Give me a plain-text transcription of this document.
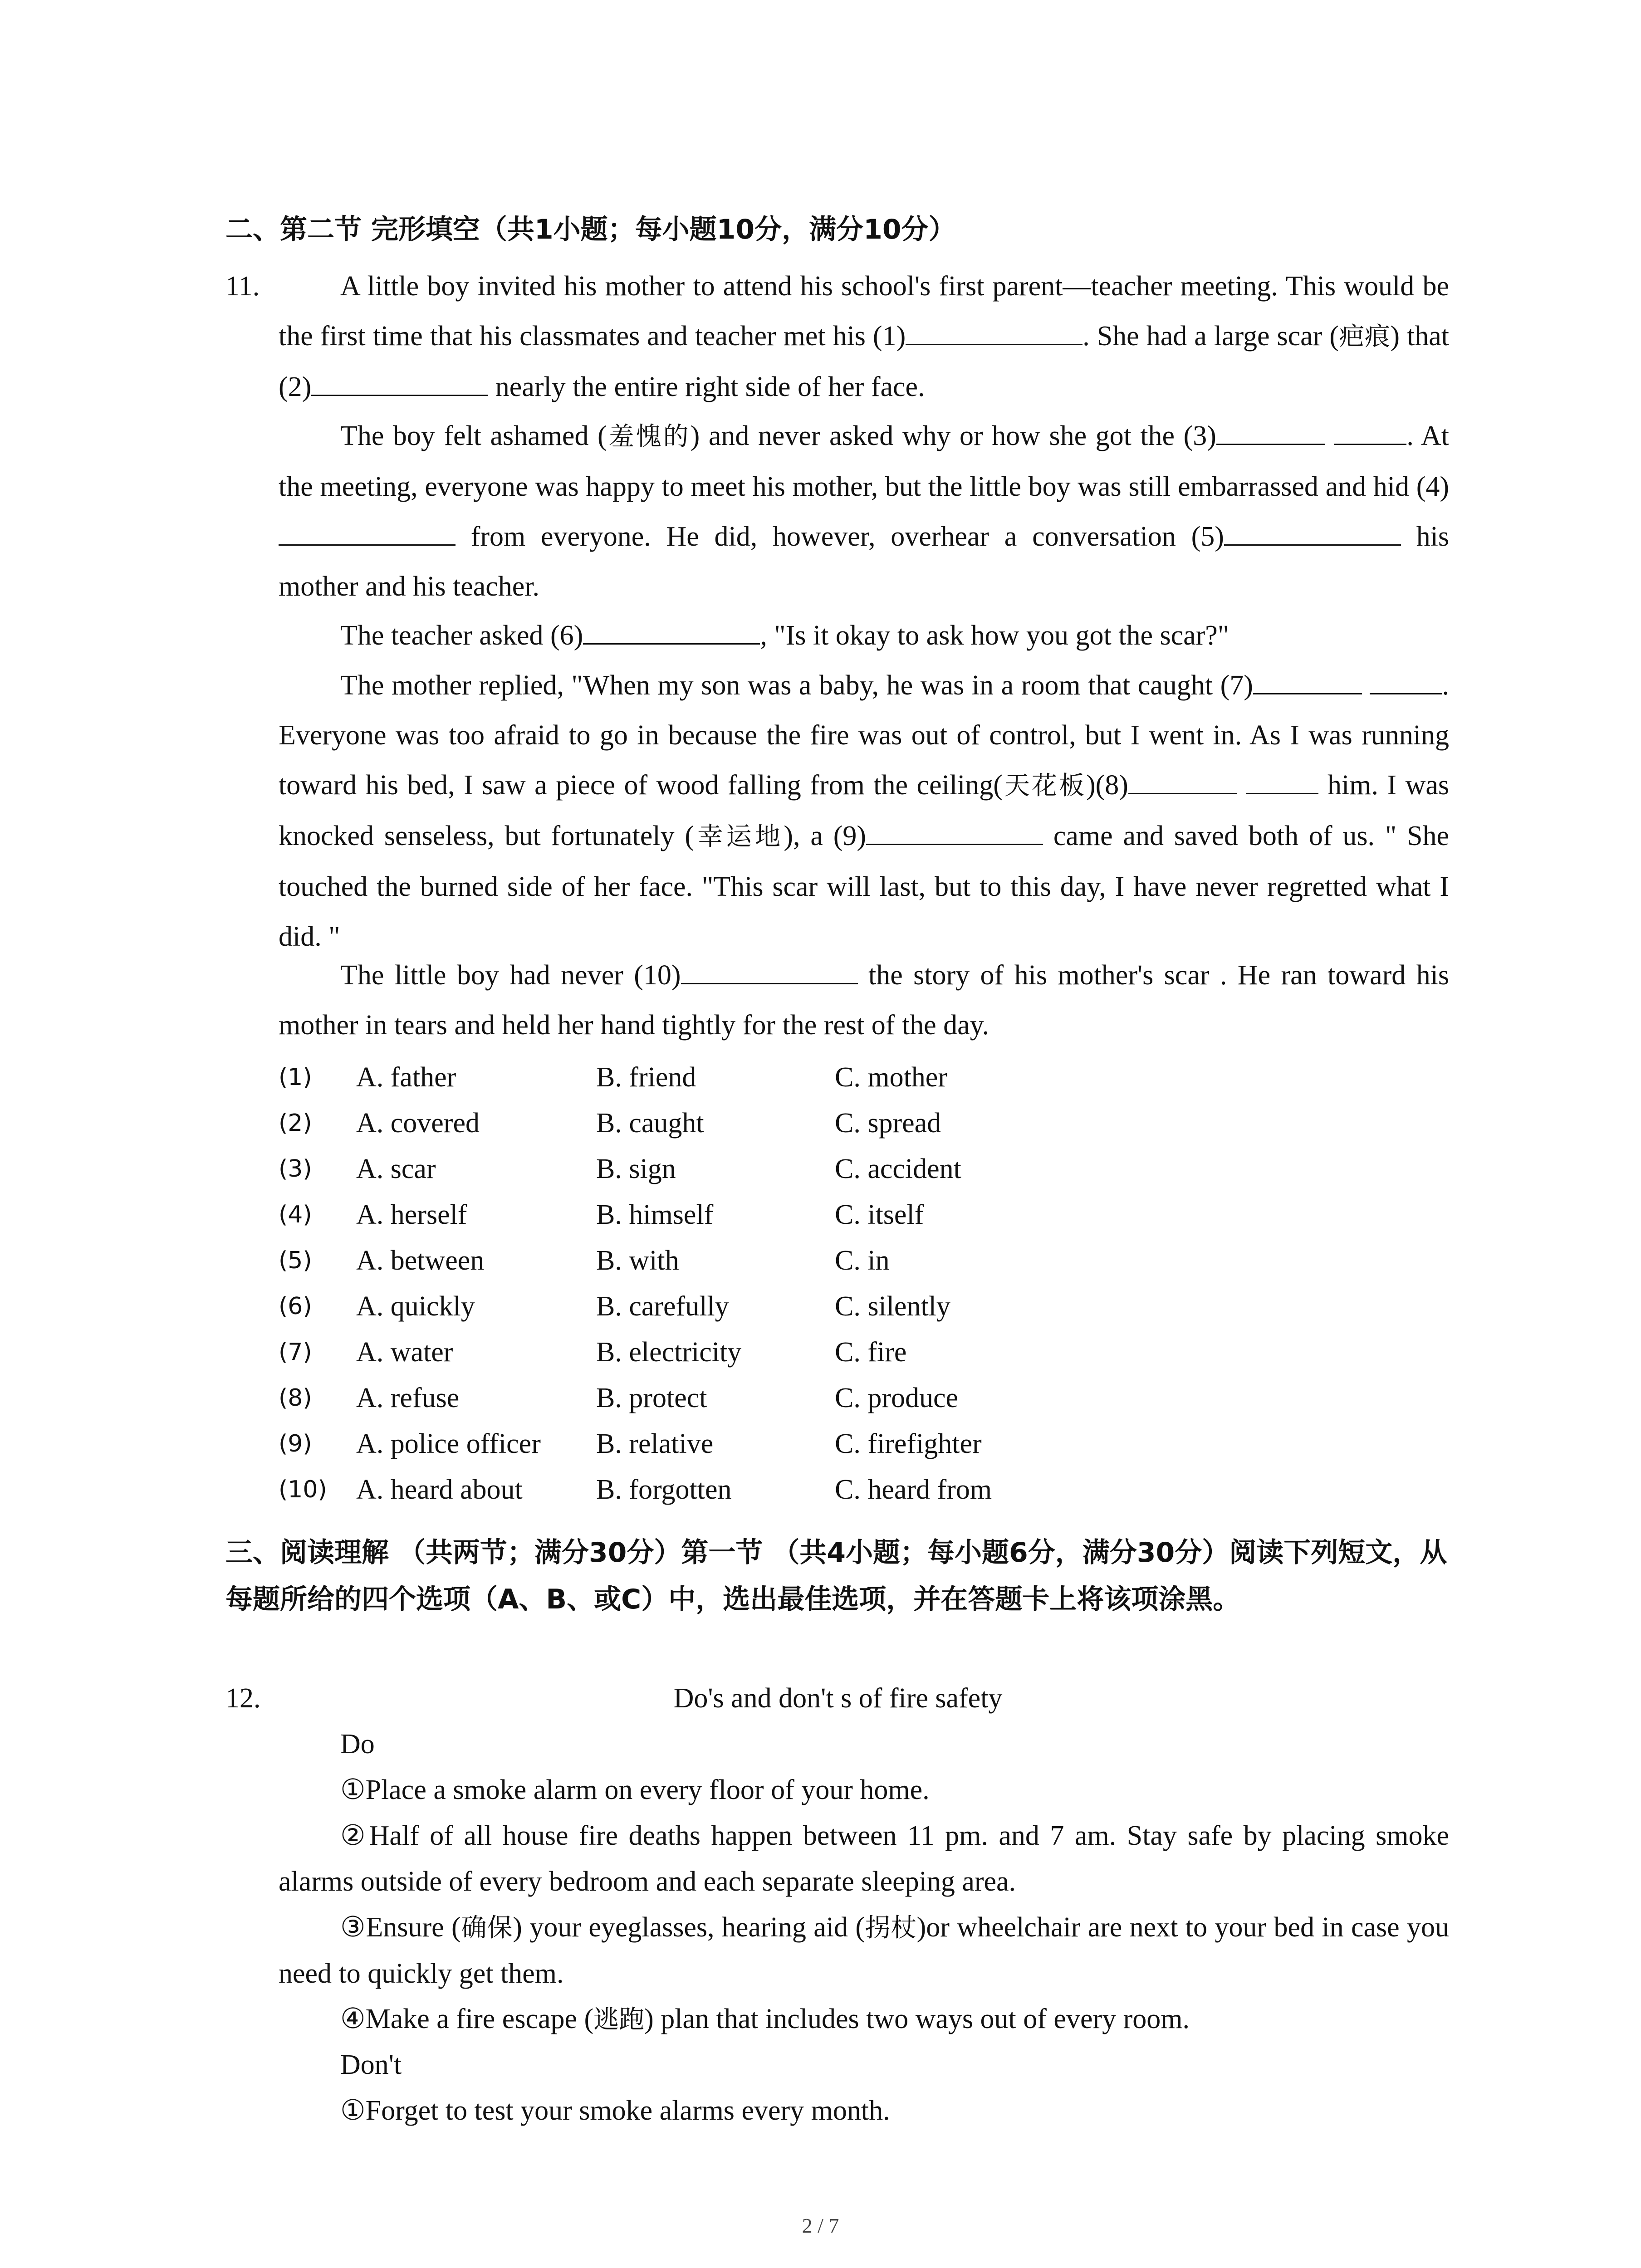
二、第二节 完形填空（共1小题；每小题10分，满分10分）
11.	A little boy invited his mother to attend his school's first parent—teacher meeting. This would be the first time that his classmates and teacher met his (1)	. She had a large scar (疤痕) that (2)	nearly the entire right side of her face.
The boy felt ashamed (羞愧的) and never asked why or how she got the (3)	. At the meeting, everyone was happy to meet his mother, but the little boy was still embarrassed and hid (4) from everyone. He did, however, overhear a conversation (5)	his mother and his teacher.
The teacher asked (6)	, "Is it okay to ask how you got the scar?"
The mother replied, "When my son was a baby, he was in a room that caught (7)	. Everyone was too afraid to go in because the fire was out of control, but I went in. As I was running toward his bed, I saw a piece of wood falling from the ceiling(天花板)(8)	him. I was knocked senseless, but fortunately (幸运地), a (9)	came and saved both of us. " She touched the burned side of her face. "This scar will last, but to this day, I have never regretted what I did. "
The little boy had never (10)	the story of his mother's scar . He ran toward his mother in tears and held her hand tightly for the rest of the day.
(1) A. father	B. friend	C. mother
(2) A. covered	B. caught	C. spread
(3) A. scar	B. sign	C. accident
(4) A. herself	B. himself	C. itself
(5) A. between	B. with	C. in
(6) A. quickly	B. carefully	C. silently
(7) A. water	B. electricity	C. fire
(8) A. refuse	B. protect	C. produce
(9) A. police officer B. relative	C. firefighter
(10) A. heard about	B. forgotten	C. heard from
三、阅读理解 （共两节；满分30分）第一节 （共4小题；每小题6分，满分30分）阅读下列短文，从每题所给的四个选项（A、B、或C）中，选出最佳选项，并在答题卡上将该项涂黑。
12.	Do's and don't s of fire safety
Do
①Place a smoke alarm on every floor of your home.
②Half of all house fire deaths happen between 11 pm. and 7 am. Stay safe by placing smoke alarms outside of every bedroom and each separate sleeping area.
③Ensure (确保) your eyeglasses, hearing aid (拐杖)or wheelchair are next to your bed in case you need to quickly get them.
④Make a fire escape (逃跑) plan that includes two ways out of every room.
Don't
①Forget to test your smoke alarms every month.
2 / 7
